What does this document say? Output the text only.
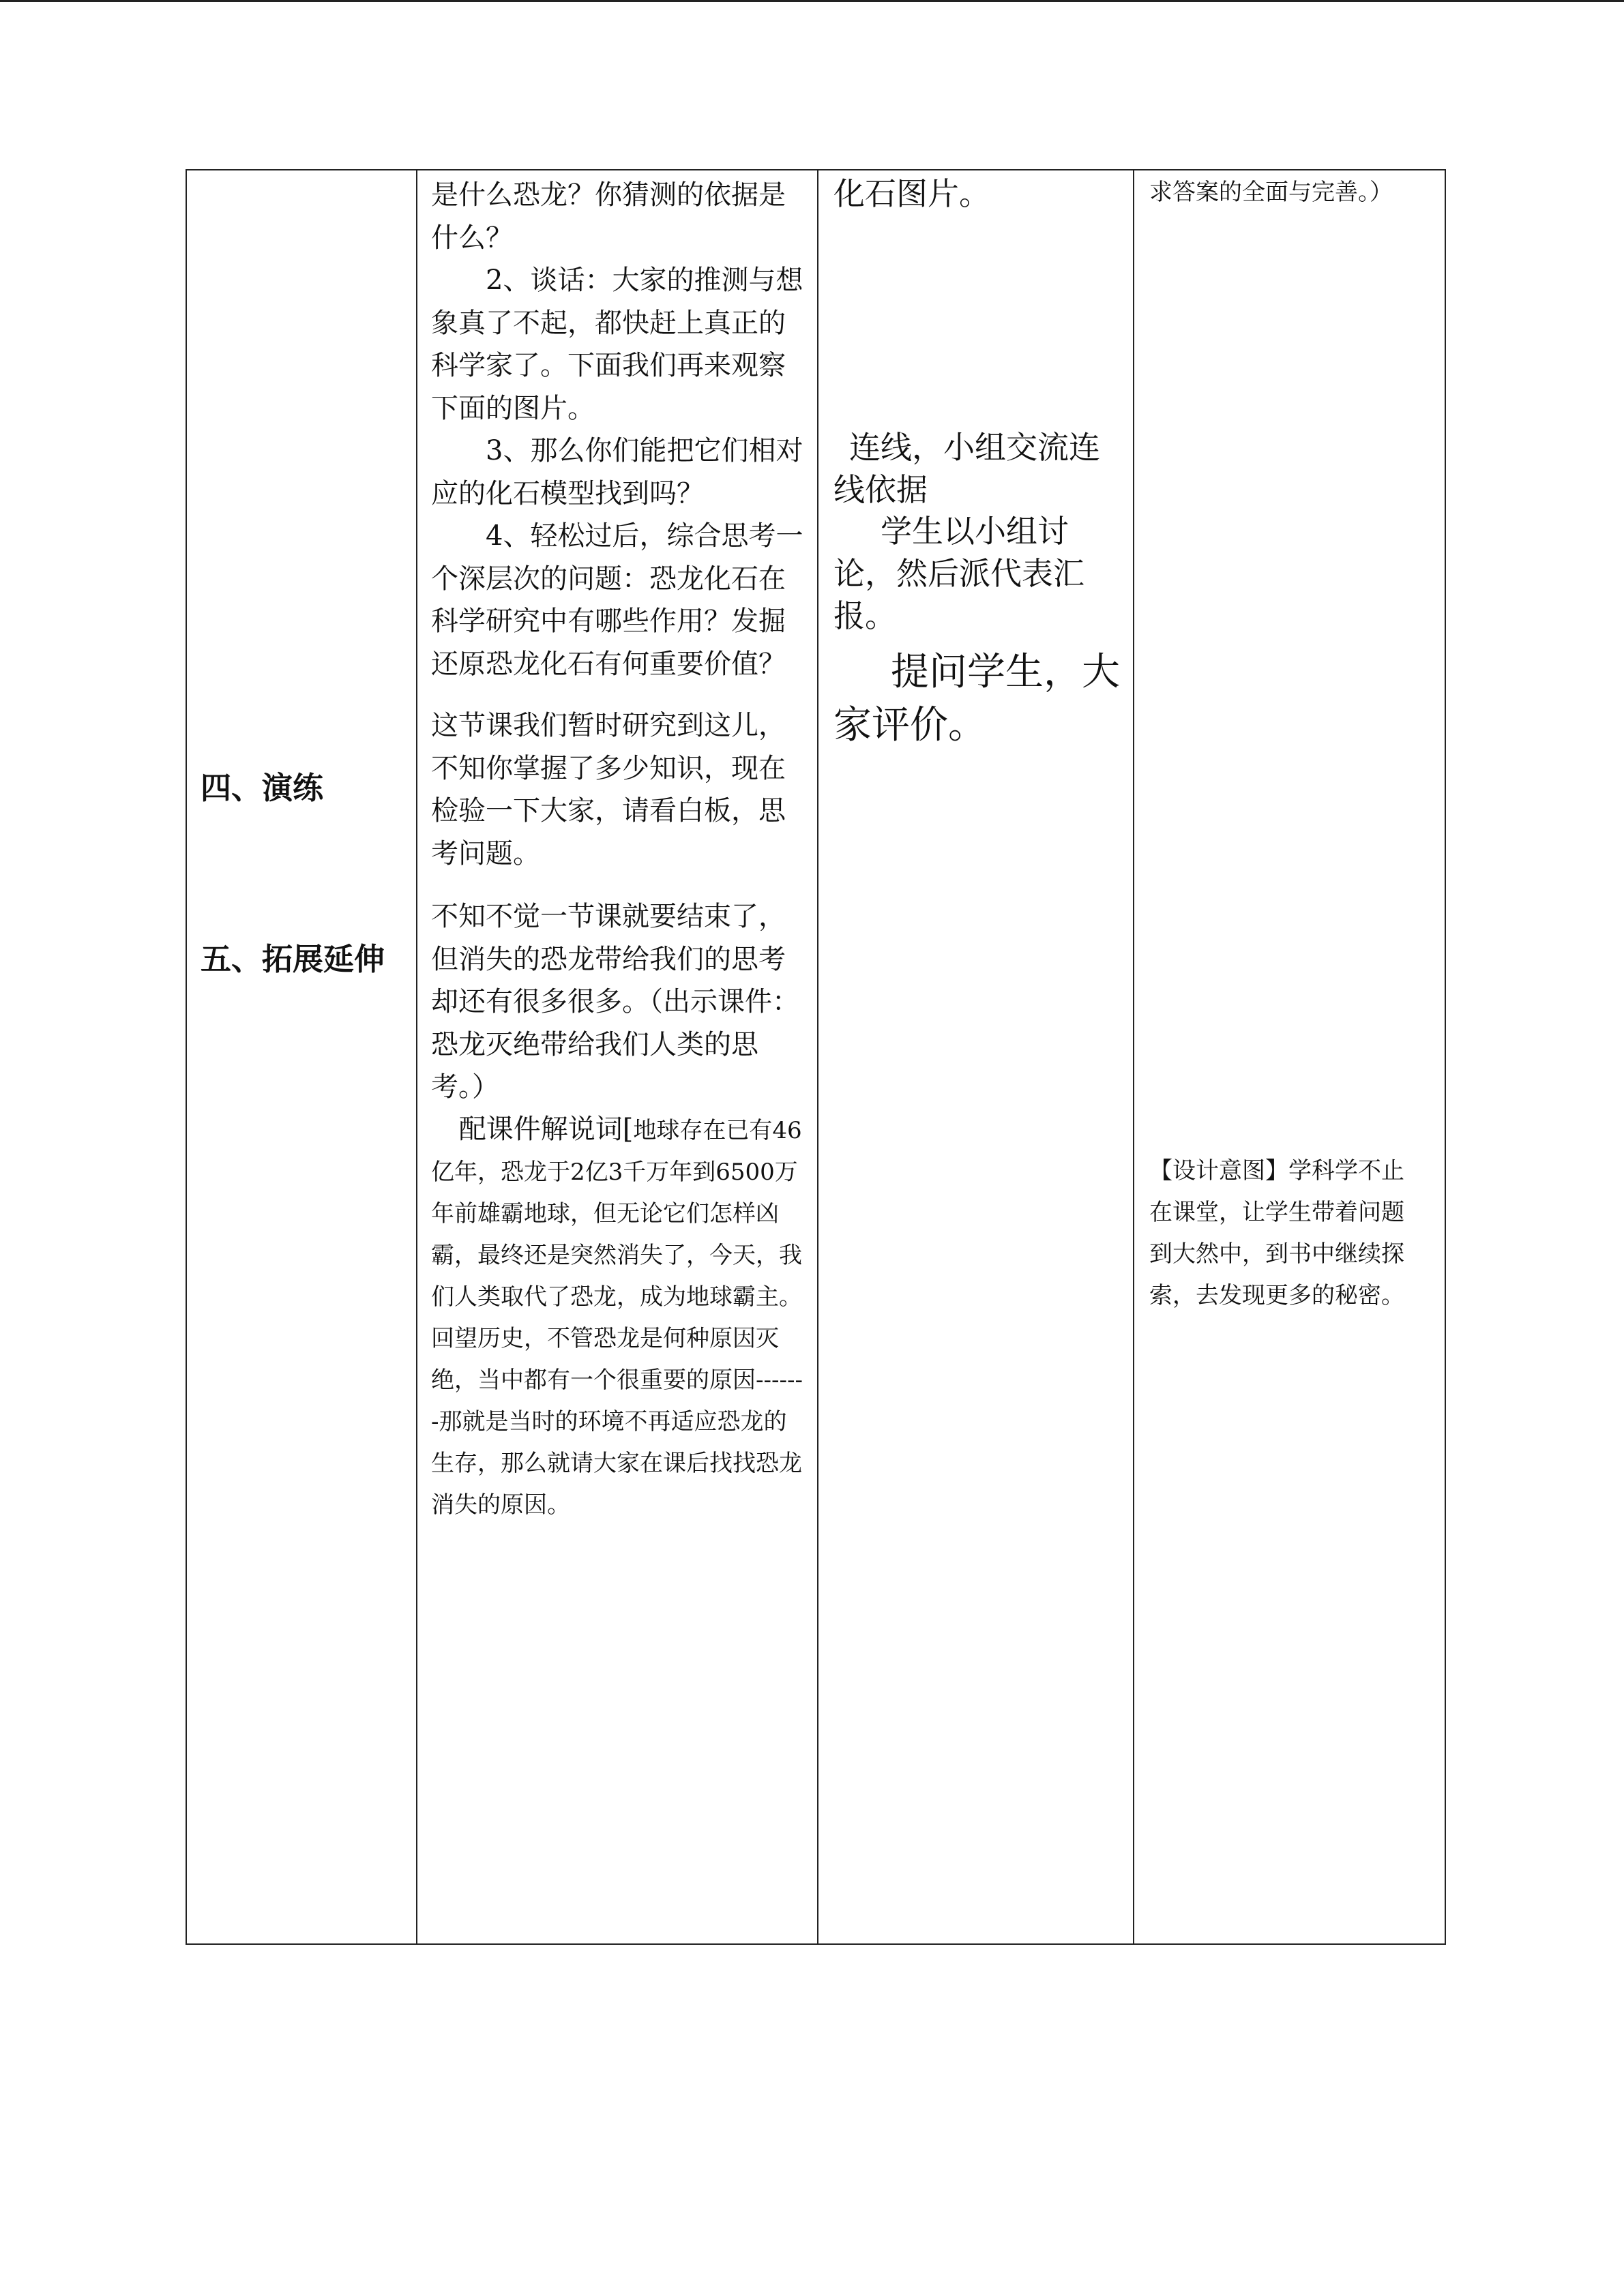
四、演练
五、拓展延伸

是什么恐龙？你猜测的依据是什么？

2、谈话：大家的推测与想象真了不起，都快赶上真正的科学家了。下面我们再来观察下面的图片。

3、那么你们能把它们相对应的化石模型找到吗？

4、轻松过后，综合思考一个深层次的问题：恐龙化石在科学研究中有哪些作用？发掘还原恐龙化石有何重要价值？

这节课我们暂时研究到这儿，不知你掌握了多少知识，现在检验一下大家，请看白板，思考问题。

不知不觉一节课就要结束了，但消失的恐龙带给我们的思考却还有很多很多。（出示课件：恐龙灭绝带给我们人类的思考。）

配课件解说词[地球存在已有46亿年，恐龙于2亿3千万年到6500万年前雄霸地球，但无论它们怎样凶霸，最终还是突然消失了，今天，我们人类取代了恐龙，成为地球霸主。回望历史，不管恐龙是何种原因灭绝，当中都有一个很重要的原因-------那就是当时的环境不再适应恐龙的生存，那么就请大家在课后找找恐龙消失的原因。

化石图片。

连线，小组交流连线依据

学生以小组讨论，然后派代表汇报。

提问学生，大家评价。

求答案的全面与完善。）

【设计意图】学科学不止在课堂，让学生带着问题到大然中，到书中继续探索，去发现更多的秘密。
